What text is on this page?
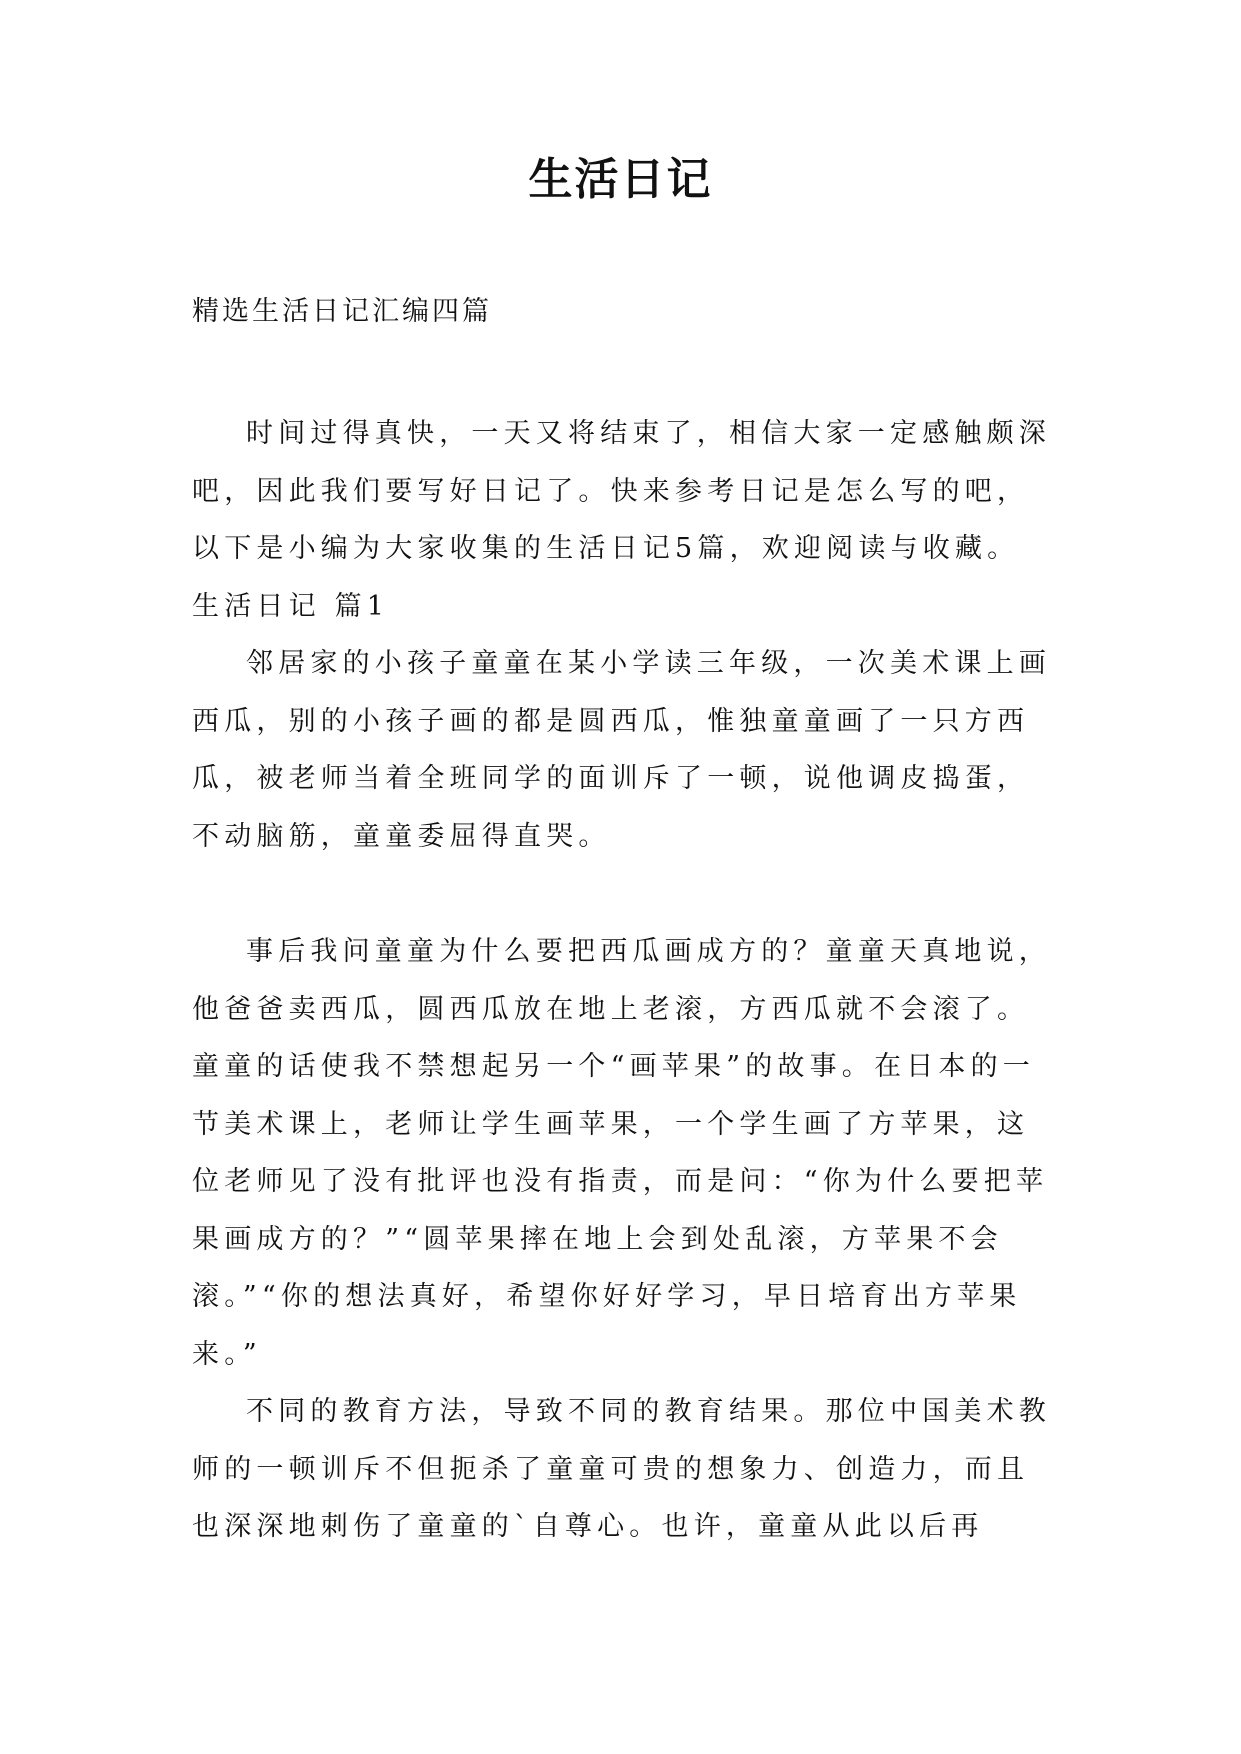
生活日记
精选生活日记汇编四篇

时间过得真快，一天又将结束了，相信大家一定感触颇深吧，因此我们要写好日记了。快来参考日记是怎么写的吧，以下是小编为大家收集的生活日记5篇，欢迎阅读与收藏。

生活日记 篇1

邻居家的小孩子童童在某小学读三年级，一次美术课上画西瓜，别的小孩子画的都是圆西瓜，惟独童童画了一只方西瓜，被老师当着全班同学的面训斥了一顿，说他调皮捣蛋，不动脑筋，童童委屈得直哭。

事后我问童童为什么要把西瓜画成方的？童童天真地说，他爸爸卖西瓜，圆西瓜放在地上老滚，方西瓜就不会滚了。童童的话使我不禁想起另一个“画苹果”的故事。在日本的一节美术课上，老师让学生画苹果，一个学生画了方苹果，这位老师见了没有批评也没有指责，而是问：“你为什么要把苹果画成方的？”“圆苹果摔在地上会到处乱滚，方苹果不会滚。”“你的想法真好，希望你好好学习，早日培育出方苹果来。”

不同的教育方法，导致不同的教育结果。那位中国美术教师的一顿训斥不但扼杀了童童可贵的想象力、创造力，而且也深深地刺伤了童童的`自尊心。也许，童童从此以后再
